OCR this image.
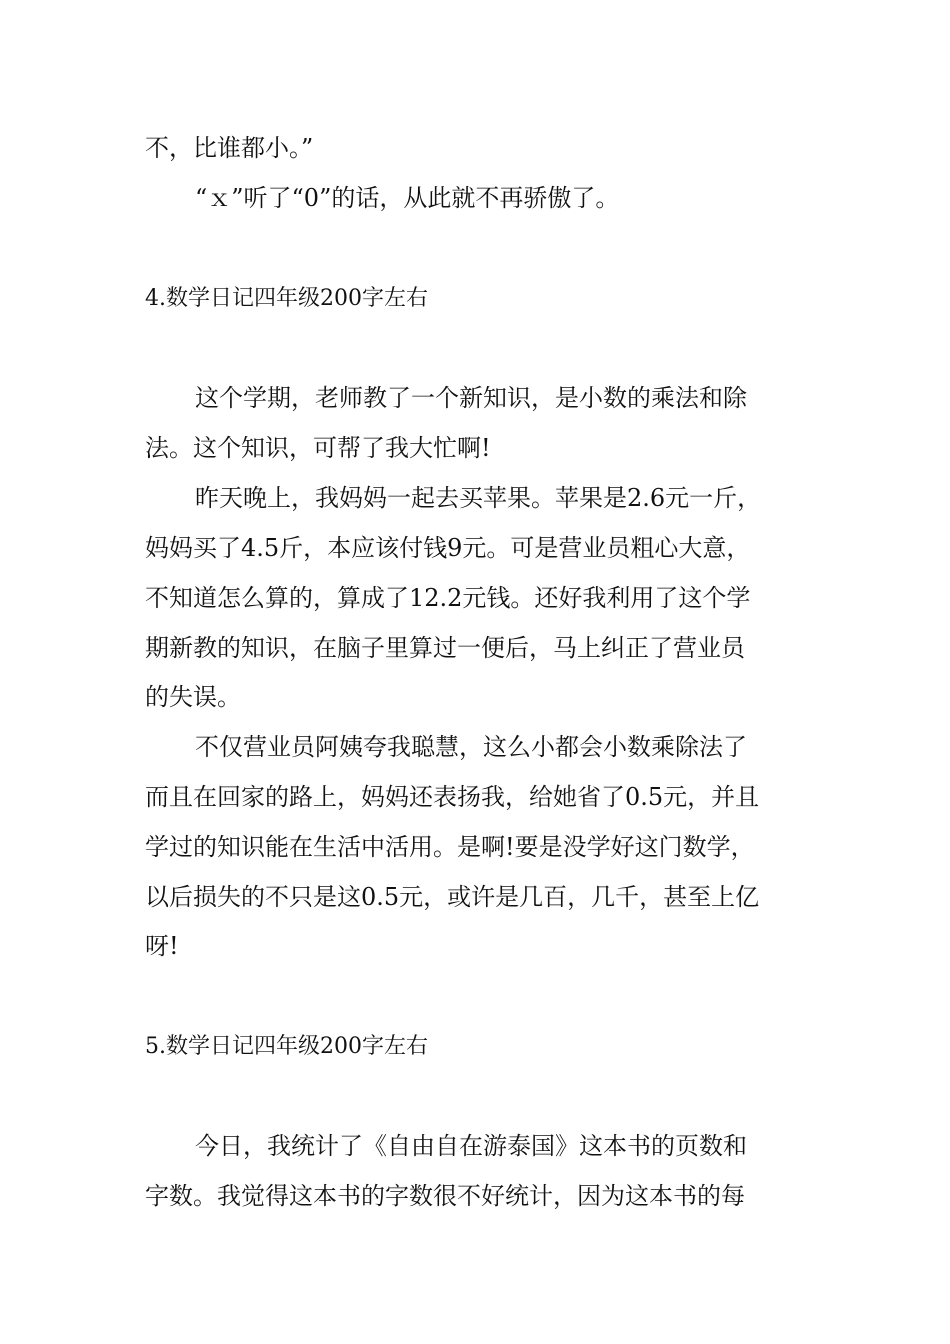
不，比谁都小。”
“ｘ”听了“0”的话，从此就不再骄傲了。
4.数学日记四年级200字左右
这个学期，老师教了一个新知识，是小数的乘法和除
法。这个知识，可帮了我大忙啊!
昨天晚上，我妈妈一起去买苹果。苹果是2.6元一斤，
妈妈买了4.5斤，本应该付钱9元。可是营业员粗心大意，
不知道怎么算的，算成了12.2元钱。还好我利用了这个学
期新教的知识，在脑子里算过一便后，马上纠正了营业员
的失误。
不仅营业员阿姨夸我聪慧，这么小都会小数乘除法了
而且在回家的路上，妈妈还表扬我，给她省了0.5元，并且
学过的知识能在生活中活用。是啊!要是没学好这门数学，
以后损失的不只是这0.5元，或许是几百，几千，甚至上亿
呀!
5.数学日记四年级200字左右
今日，我统计了《自由自在游泰国》这本书的页数和
字数。我觉得这本书的字数很不好统计，因为这本书的每
